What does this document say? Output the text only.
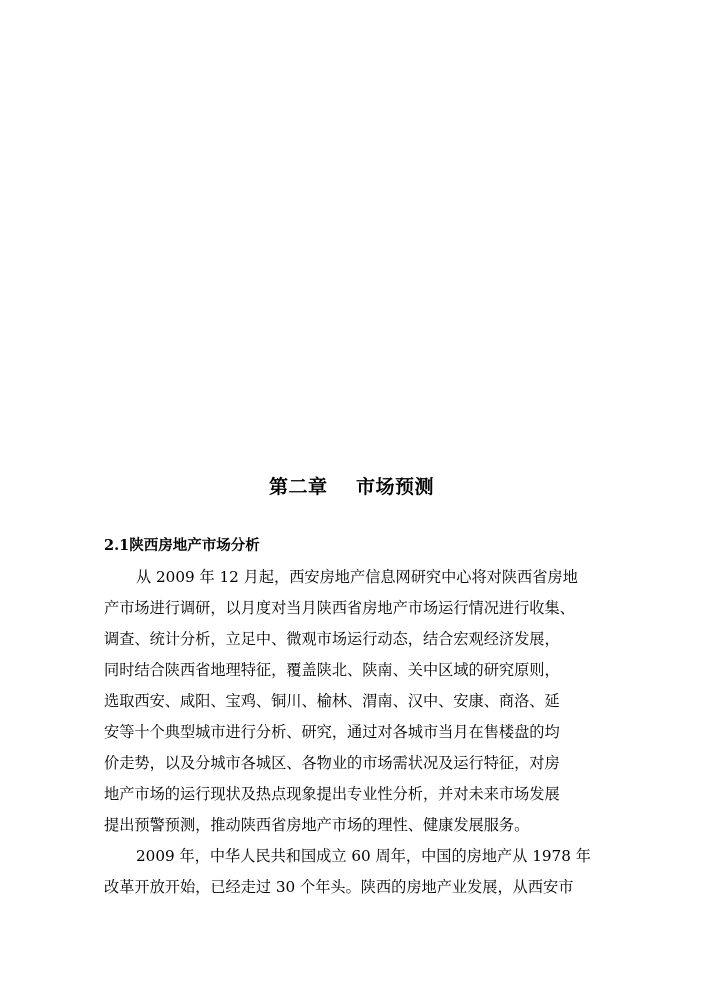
第二章    市场预测
2.1陕西房地产市场分析
从 2009 年 12 月起，西安房地产信息网研究中心将对陕西省房地
产市场进行调研，以月度对当月陕西省房地产市场运行情况进行收集、
调查、统计分析，立足中、微观市场运行动态，结合宏观经济发展，
同时结合陕西省地理特征，覆盖陕北、陕南、关中区域的研究原则，
选取西安、咸阳、宝鸡、铜川、榆林、渭南、汉中、安康、商洛、延
安等十个典型城市进行分析、研究，通过对各城市当月在售楼盘的均
价走势，以及分城市各城区、各物业的市场需状况及运行特征，对房
地产市场的运行现状及热点现象提出专业性分析，并对未来市场发展
提出预警预测，推动陕西省房地产市场的理性、健康发展服务。
2009 年，中华人民共和国成立 60 周年，中国的房地产从 1978 年
改革开放开始，已经走过 30 个年头。陕西的房地产业发展，从西安市
